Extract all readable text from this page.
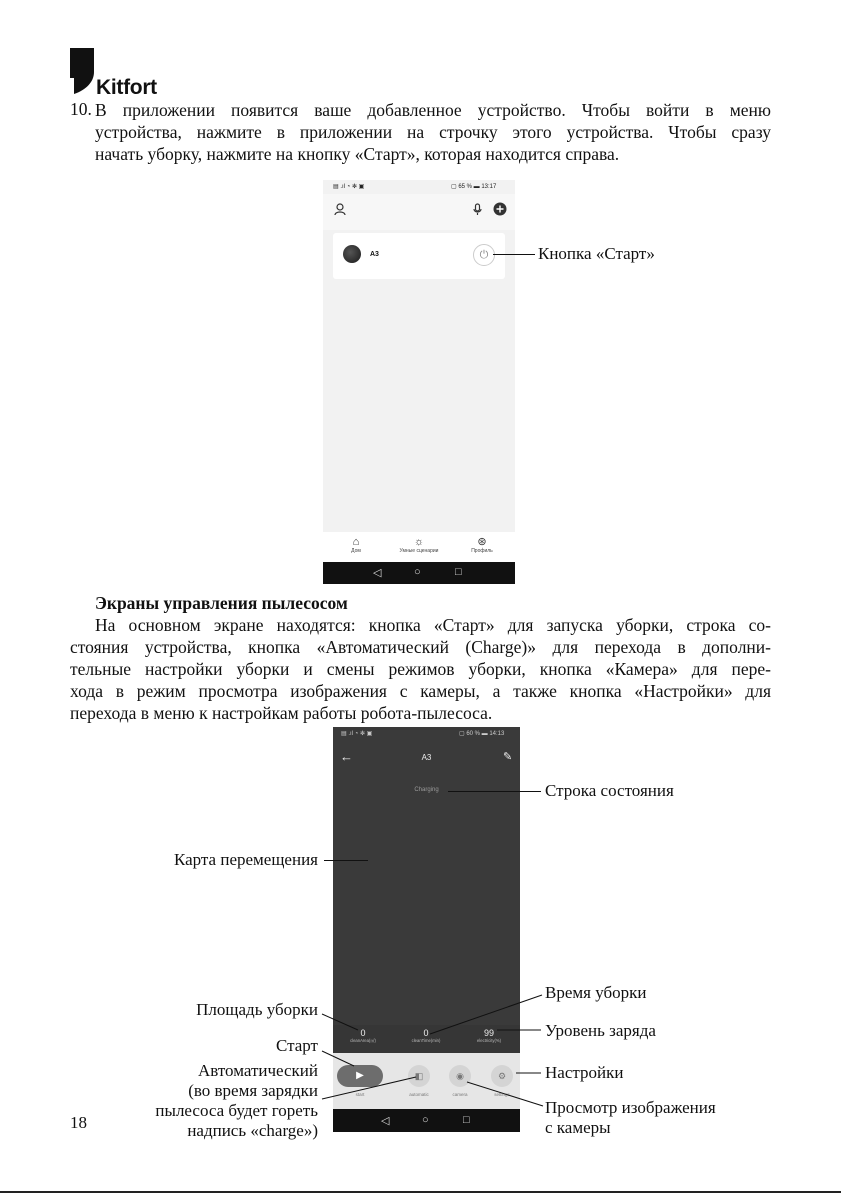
Kitfort
10. В приложении появится ваше добавленное устройство. Чтобы войти в меню
устройства, нажмите в приложении на строчку этого устройства. Чтобы сразу
начать уборку, нажмите на кнопку «Старт», которая находится справа.
▤ .ıl ◔ ✻ ▣	▢ 65 % ▬ 13:17
A3	⏻
⌂
Дом
☼
Умные сценарии
⊛
Профиль
◁	○	□
Кнопка «Старт»
Экраны управления пылесосом
На основном экране находятся: кнопка «Старт» для запуска уборки, строка со-
стояния устройства, кнопка «Автоматический (Charge)» для перехода в дополни-
тельные настройки уборки и смены режимов уборки, кнопка «Камера» для пере-
хода в режим просмотра изображения с камеры, а также кнопка «Настройки» для
перехода в меню к настройкам работы робота-пылесоса.
▤ .ıl ◔ ✻ ▣	▢ 60 % ▬ 14:13
←	A3	✎
Charging
0
cleanArea(㎡)
0
cleanTime(min)
99
electricity(%)
▶
start
◧
automatic
◉
camera
⚙
settings
◁	○	□
Строка состояния
Карта перемещения
Время уборки
Площадь уборки
Уровень заряда
Старт
Автоматический
(во время зарядки
пылесоса будет гореть
надпись «charge»)
Настройки
Просмотр изображения
с камеры
18
